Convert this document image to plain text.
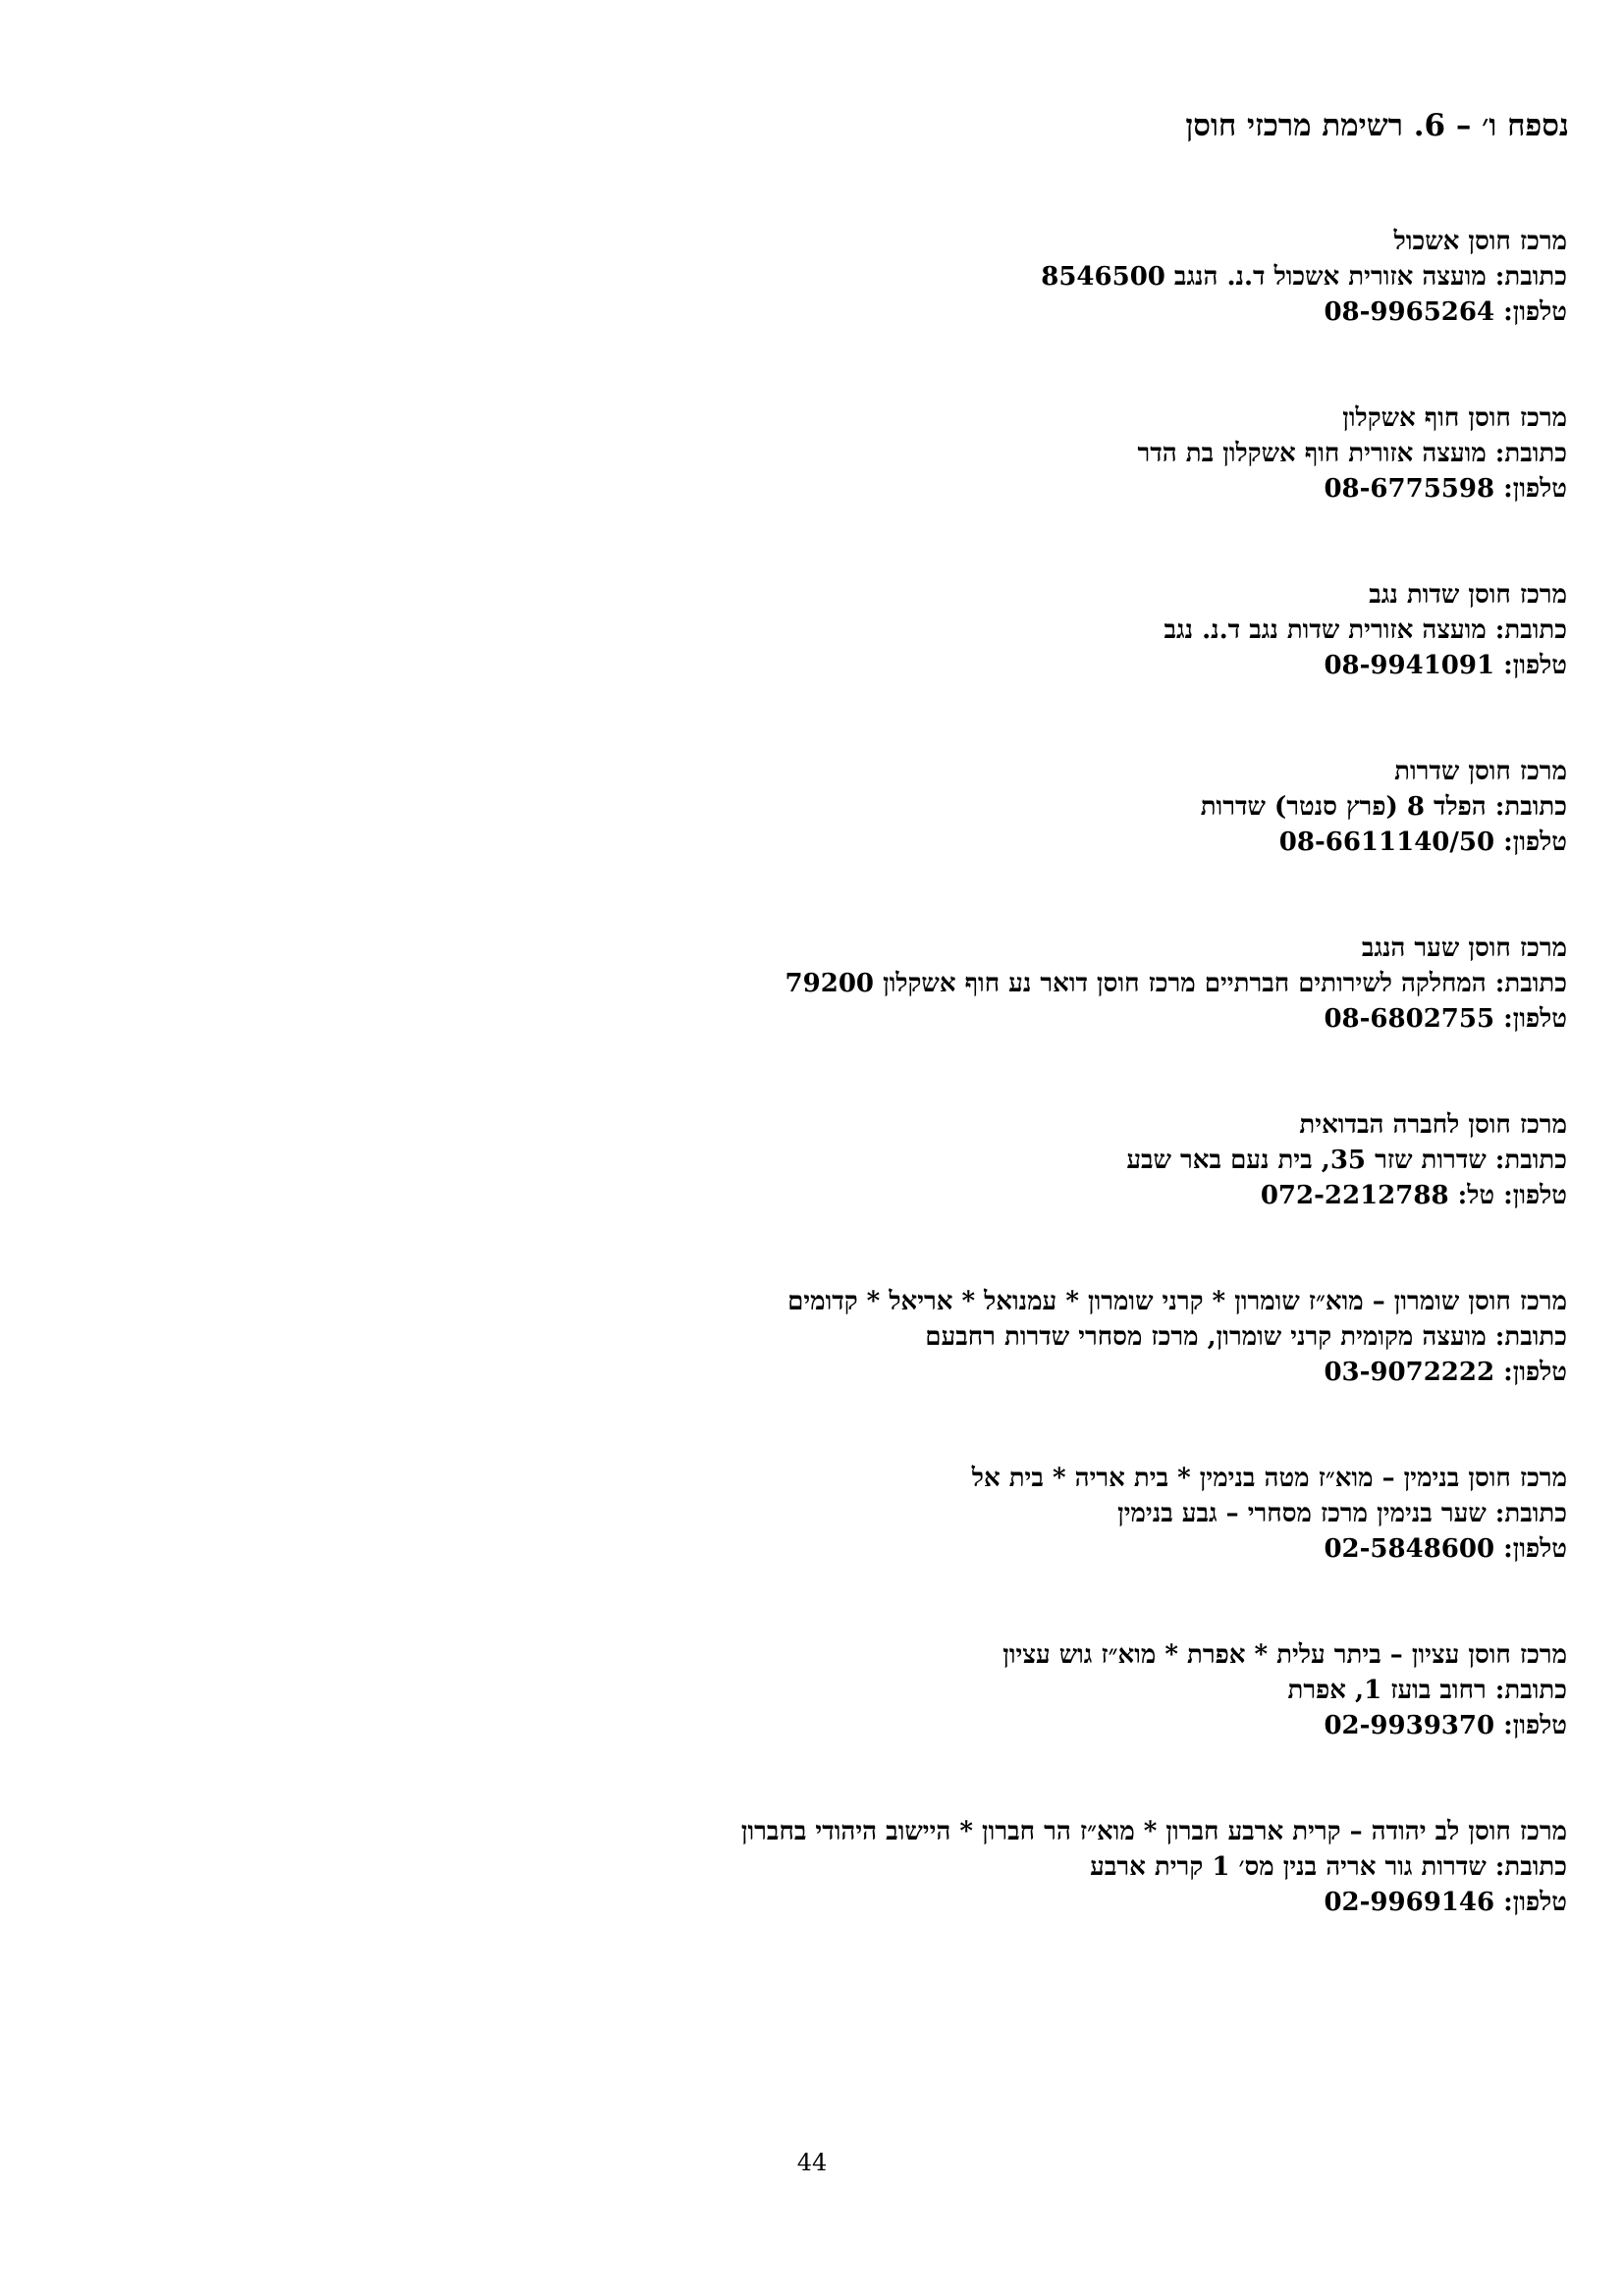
נספח ו׳ – 6. רשימת מרכזי חוסן
מרכז חוסן אשכול
כתובת: מועצה אזורית אשכול ד.נ. הנגב 8546500
טלפון: 08-9965264
מרכז חוסן חוף אשקלון
כתובת: מועצה אזורית חוף אשקלון בת הדר
טלפון: 08-6775598
מרכז חוסן שדות נגב
כתובת: מועצה אזורית שדות נגב ד.נ. נגב
טלפון: 08-9941091
מרכז חוסן שדרות
כתובת: הפלד 8 (פרץ סנטר) שדרות
טלפון: 08-6611140/50
מרכז חוסן שער הנגב
כתובת: המחלקה לשירותים חברתיים מרכז חוסן דואר נע חוף אשקלון 79200
טלפון: 08-6802755
מרכז חוסן לחברה הבדואית
כתובת: שדרות שזר 35, בית נעם באר שבע
טלפון: טל: 072-2212788
מרכז חוסן שומרון – מוא״ז שומרון * קרני שומרון * עמנואל * אריאל * קדומים
כתובת: מועצה מקומית קרני שומרון, מרכז מסחרי שדרות רחבעם
טלפון: 03-9072222
מרכז חוסן בנימין – מוא״ז מטה בנימין * בית אריה * בית אל
כתובת: שער בנימין מרכז מסחרי – גבע בנימין
טלפון: 02-5848600
מרכז חוסן עציון – ביתר עלית * אפרת * מוא״ז גוש עציון
כתובת: רחוב בועז 1, אפרת
טלפון: 02-9939370
מרכז חוסן לב יהודה – קרית ארבע חברון * מוא״ז הר חברון * היישוב היהודי בחברון
כתובת: שדרות גור אריה בנין מס׳ 1 קרית ארבע
טלפון: 02-9969146
44
